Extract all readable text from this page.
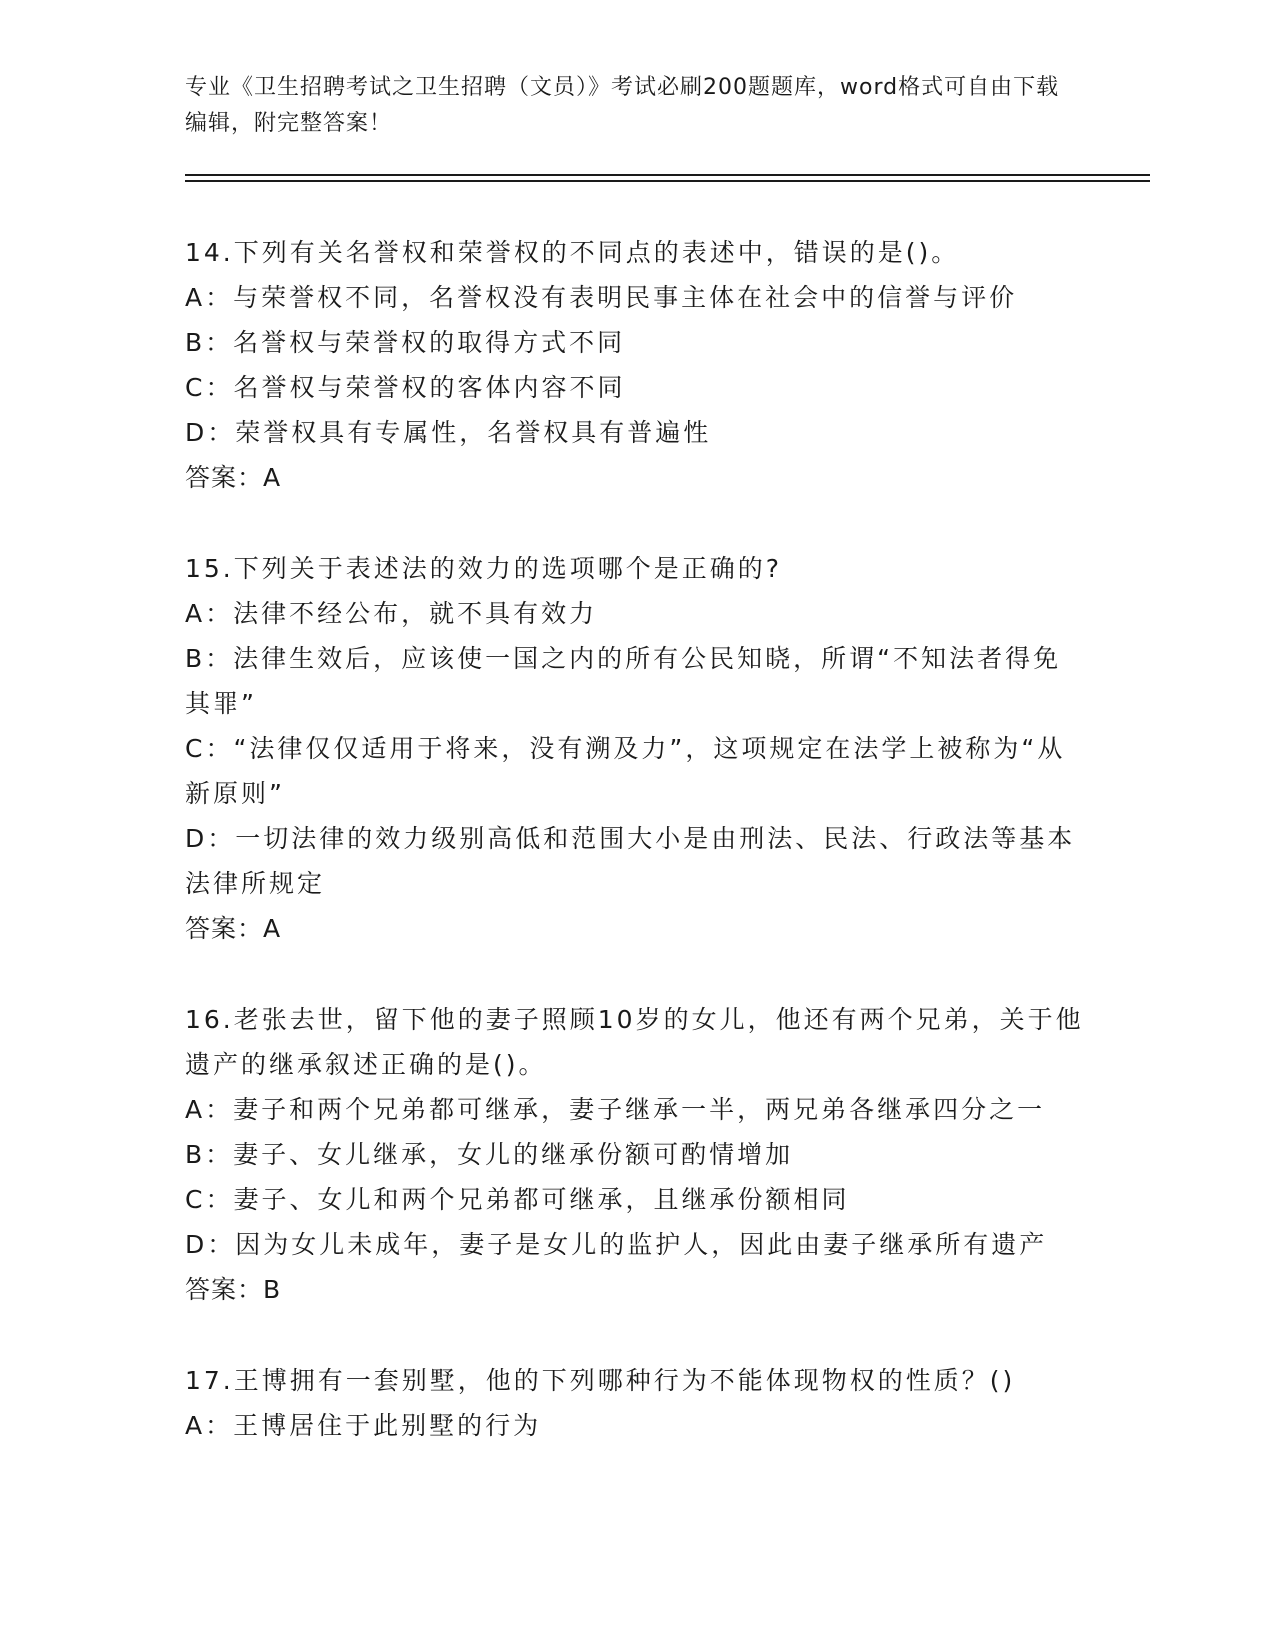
专业《卫生招聘考试之卫生招聘（文员）》考试必刷200题题库，word格式可自由下载编辑，附完整答案！

14.下列有关名誉权和荣誉权的不同点的表述中，错误的是()。

A：与荣誉权不同，名誉权没有表明民事主体在社会中的信誉与评价

B：名誉权与荣誉权的取得方式不同

C：名誉权与荣誉权的客体内容不同

D：荣誉权具有专属性，名誉权具有普遍性

答案：A

15.下列关于表述法的效力的选项哪个是正确的?

A：法律不经公布，就不具有效力

B：法律生效后，应该使一国之内的所有公民知晓，所谓“不知法者得免其罪”

C：“法律仅仅适用于将来，没有溯及力”，这项规定在法学上被称为“从新原则”

D：一切法律的效力级别高低和范围大小是由刑法、民法、行政法等基本法律所规定

答案：A

16.老张去世，留下他的妻子照顾10岁的女儿，他还有两个兄弟，关于他遗产的继承叙述正确的是()。

A：妻子和两个兄弟都可继承，妻子继承一半，两兄弟各继承四分之一

B：妻子、女儿继承，女儿的继承份额可酌情增加

C：妻子、女儿和两个兄弟都可继承，且继承份额相同

D：因为女儿未成年，妻子是女儿的监护人，因此由妻子继承所有遗产

答案：B

17.王博拥有一套别墅，他的下列哪种行为不能体现物权的性质？()

A：王博居住于此别墅的行为
